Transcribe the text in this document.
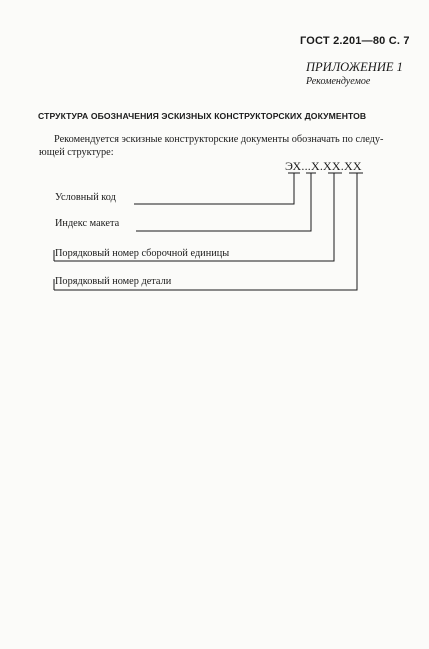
ГОСТ 2.201—80 С. 7
ПРИЛОЖЕНИЕ 1
Рекомендуемое
СТРУКТУРА ОБОЗНАЧЕНИЯ ЭСКИЗНЫХ КОНСТРУКТОРСКИХ ДОКУМЕНТОВ
Рекомендуется эскизные конструкторские документы обозначать по следу-
ющей структуре:
ЭХ...Х.ХХ.ХХ
Условный код
Индекс макета
Порядковый номер сборочной единицы
Порядковый номер детали
